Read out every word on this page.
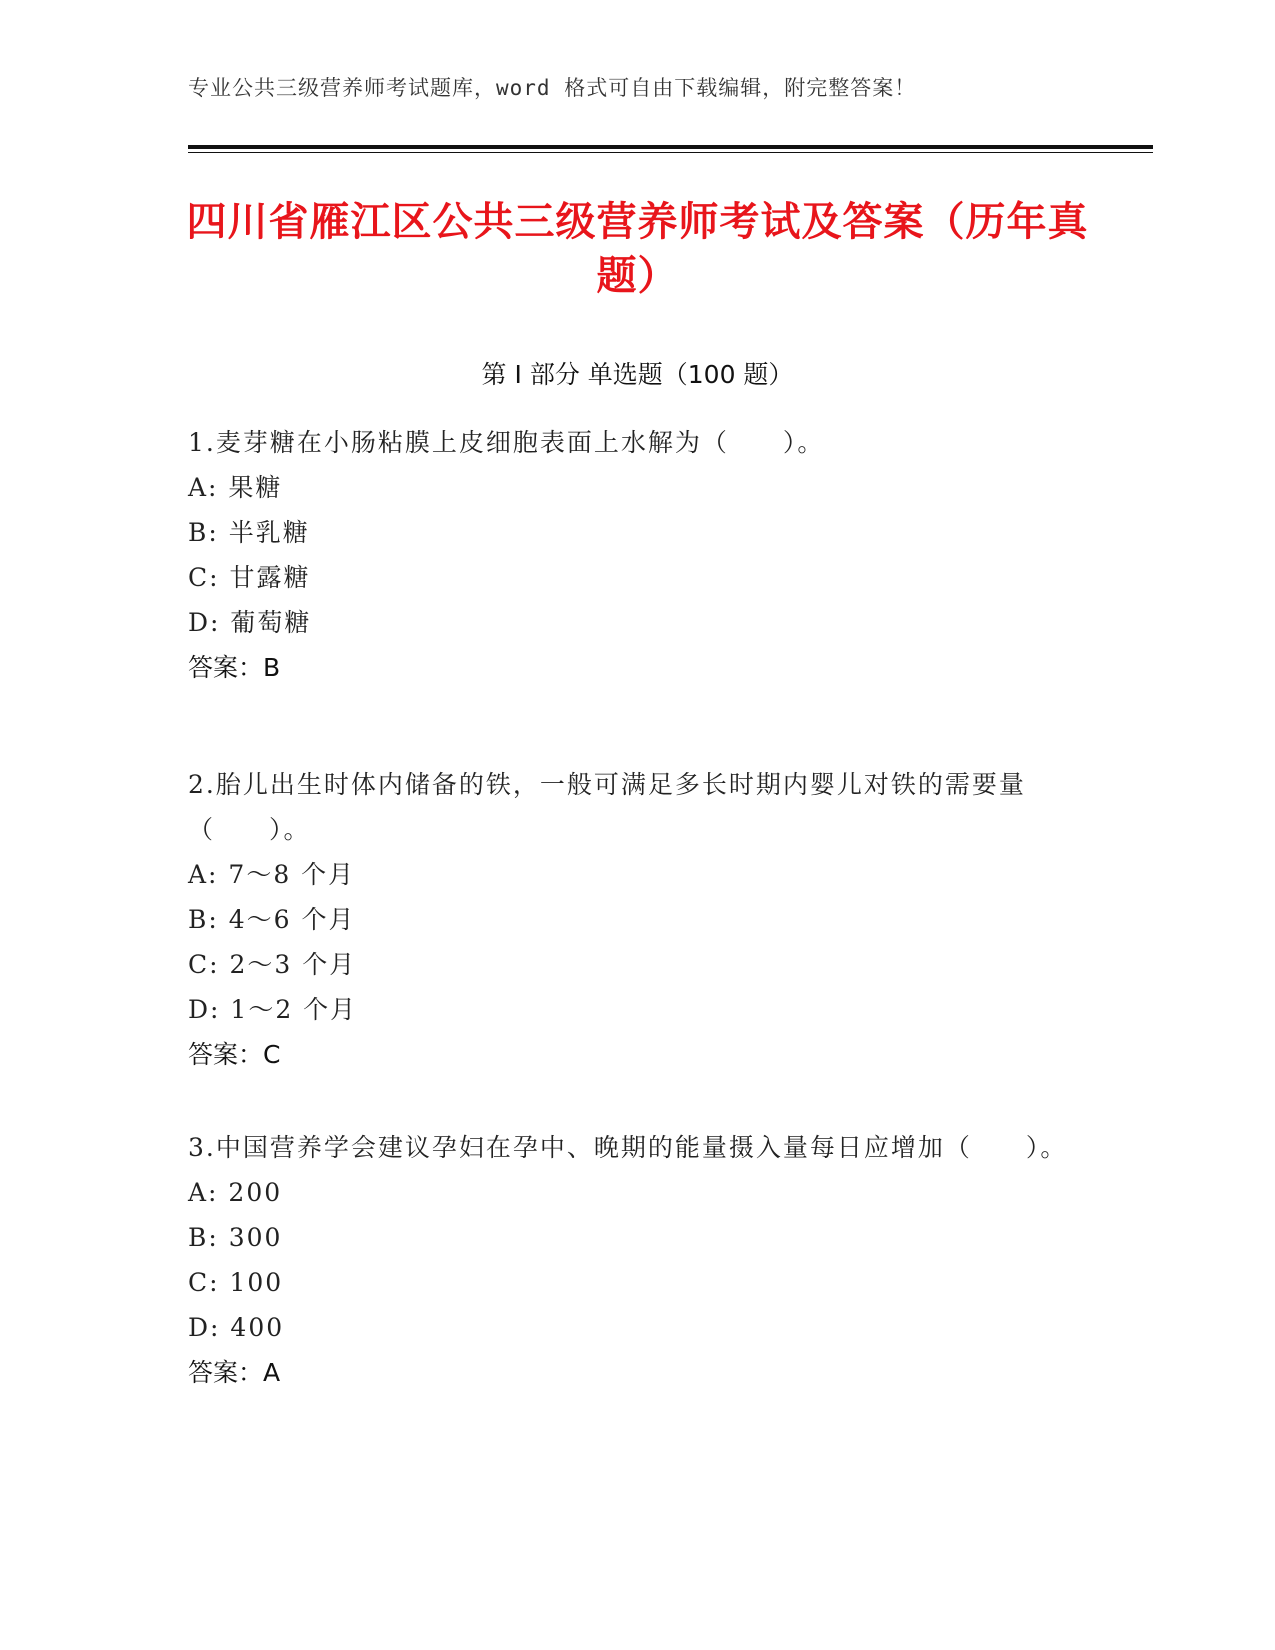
专业公共三级营养师考试题库，word 格式可自由下载编辑，附完整答案！
四川省雁江区公共三级营养师考试及答案（历年真题）
第 I 部分 单选题（100 题）

1.麦芽糖在小肠粘膜上皮细胞表面上水解为（　　）。

A: 果糖

B: 半乳糖

C: 甘露糖

D: 葡萄糖

答案：B

2.胎儿出生时体内储备的铁，一般可满足多长时期内婴儿对铁的需要量（　　）。

A: 7～8 个月

B: 4～6 个月

C: 2～3 个月

D: 1～2 个月

答案：C

3.中国营养学会建议孕妇在孕中、晚期的能量摄入量每日应增加（　　）。

A: 200

B: 300

C: 100

D: 400

答案：A
